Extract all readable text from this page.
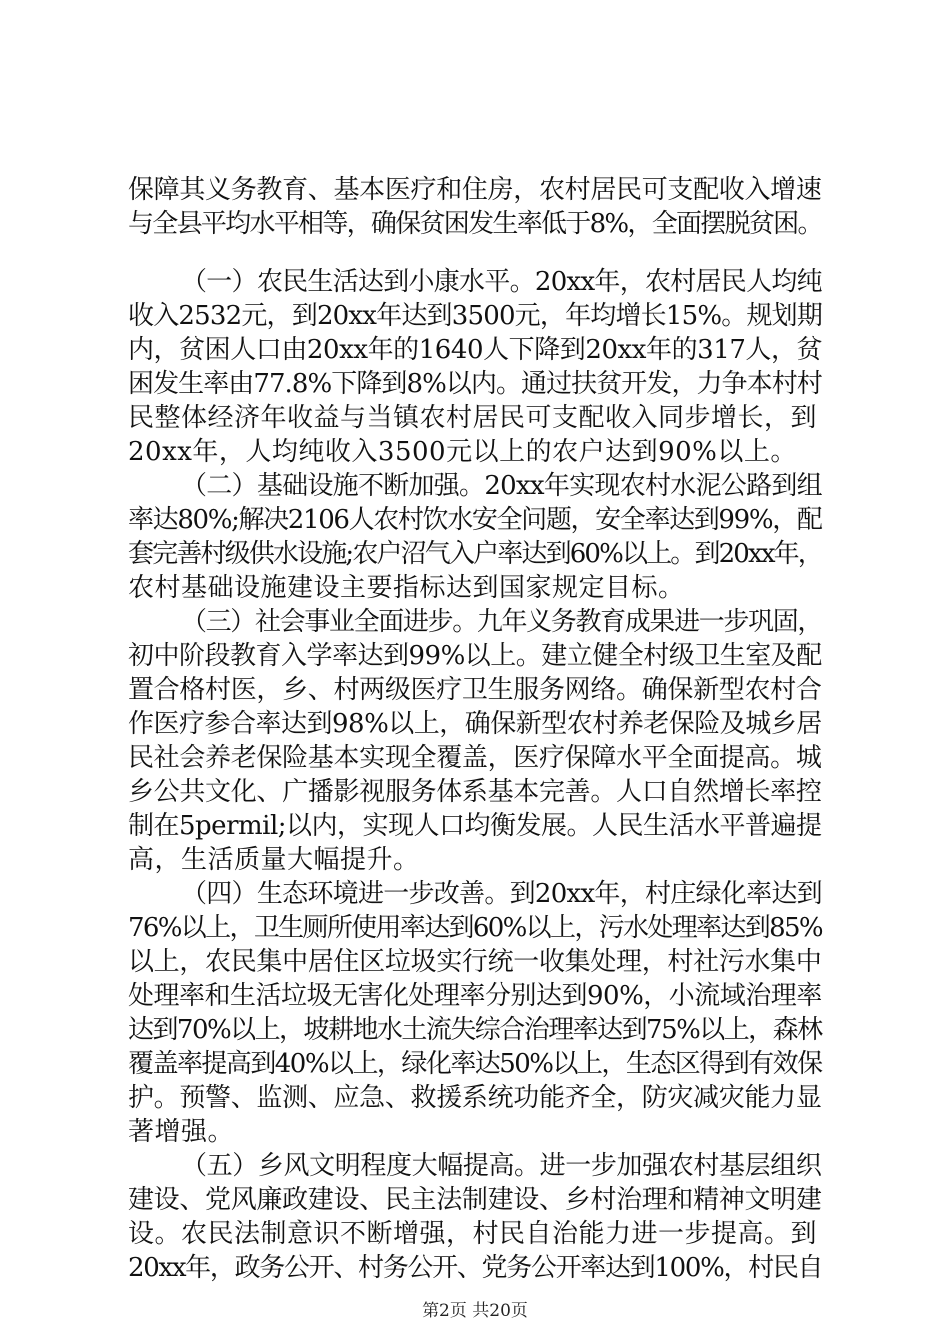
保障其义务教育、基本医疗和住房，农村居民可支配收入增速
与全县平均水平相等，确保贫困发生率低于8%，全面摆脱贫困。
（一）农民生活达到小康水平。20xx年，农村居民人均纯
收入2532元，到20xx年达到3500元，年均增长15%。规划期
内，贫困人口由20xx年的1640人下降到20xx年的317人，贫
困发生率由77.8%下降到8%以内。通过扶贫开发，力争本村村
民整体经济年收益与当镇农村居民可支配收入同步增长，到
20xx年，人均纯收入3500元以上的农户达到90%以上。
（二）基础设施不断加强。20xx年实现农村水泥公路到组
率达80%;解决2106人农村饮水安全问题，安全率达到99%，配
套完善村级供水设施;农户沼气入户率达到60%以上。到20xx年，
农村基础设施建设主要指标达到国家规定目标。
（三）社会事业全面进步。九年义务教育成果进一步巩固，
初中阶段教育入学率达到99%以上。建立健全村级卫生室及配
置合格村医，乡、村两级医疗卫生服务网络。确保新型农村合
作医疗参合率达到98%以上，确保新型农村养老保险及城乡居
民社会养老保险基本实现全覆盖，医疗保障水平全面提高。城
乡公共文化、广播影视服务体系基本完善。人口自然增长率控
制在5permil;以内，实现人口均衡发展。人民生活水平普遍提
高，生活质量大幅提升。
（四）生态环境进一步改善。到20xx年，村庄绿化率达到
76%以上，卫生厕所使用率达到60%以上，污水处理率达到85%
以上，农民集中居住区垃圾实行统一收集处理，村社污水集中
处理率和生活垃圾无害化处理率分别达到90%，小流域治理率
达到70%以上，坡耕地水土流失综合治理率达到75%以上，森林
覆盖率提高到40%以上，绿化率达50%以上，生态区得到有效保
护。预警、监测、应急、救援系统功能齐全，防灾减灾能力显
著增强。
（五）乡风文明程度大幅提高。进一步加强农村基层组织
建设、党风廉政建设、民主法制建设、乡村治理和精神文明建
设。农民法制意识不断增强，村民自治能力进一步提高。到
20xx年，政务公开、村务公开、党务公开率达到100%，村民自
第2页 共20页
